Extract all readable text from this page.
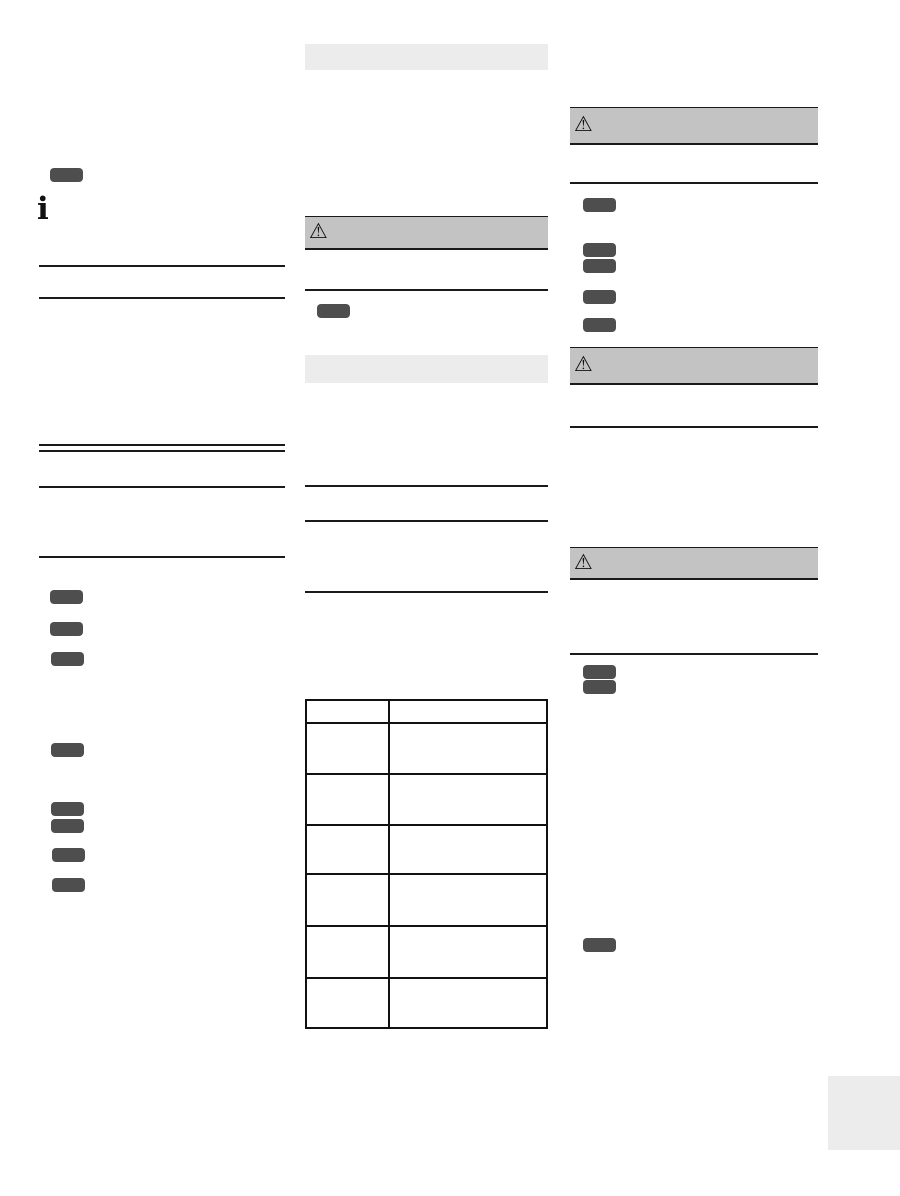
i
⚠

⚠
⚠
⚠
